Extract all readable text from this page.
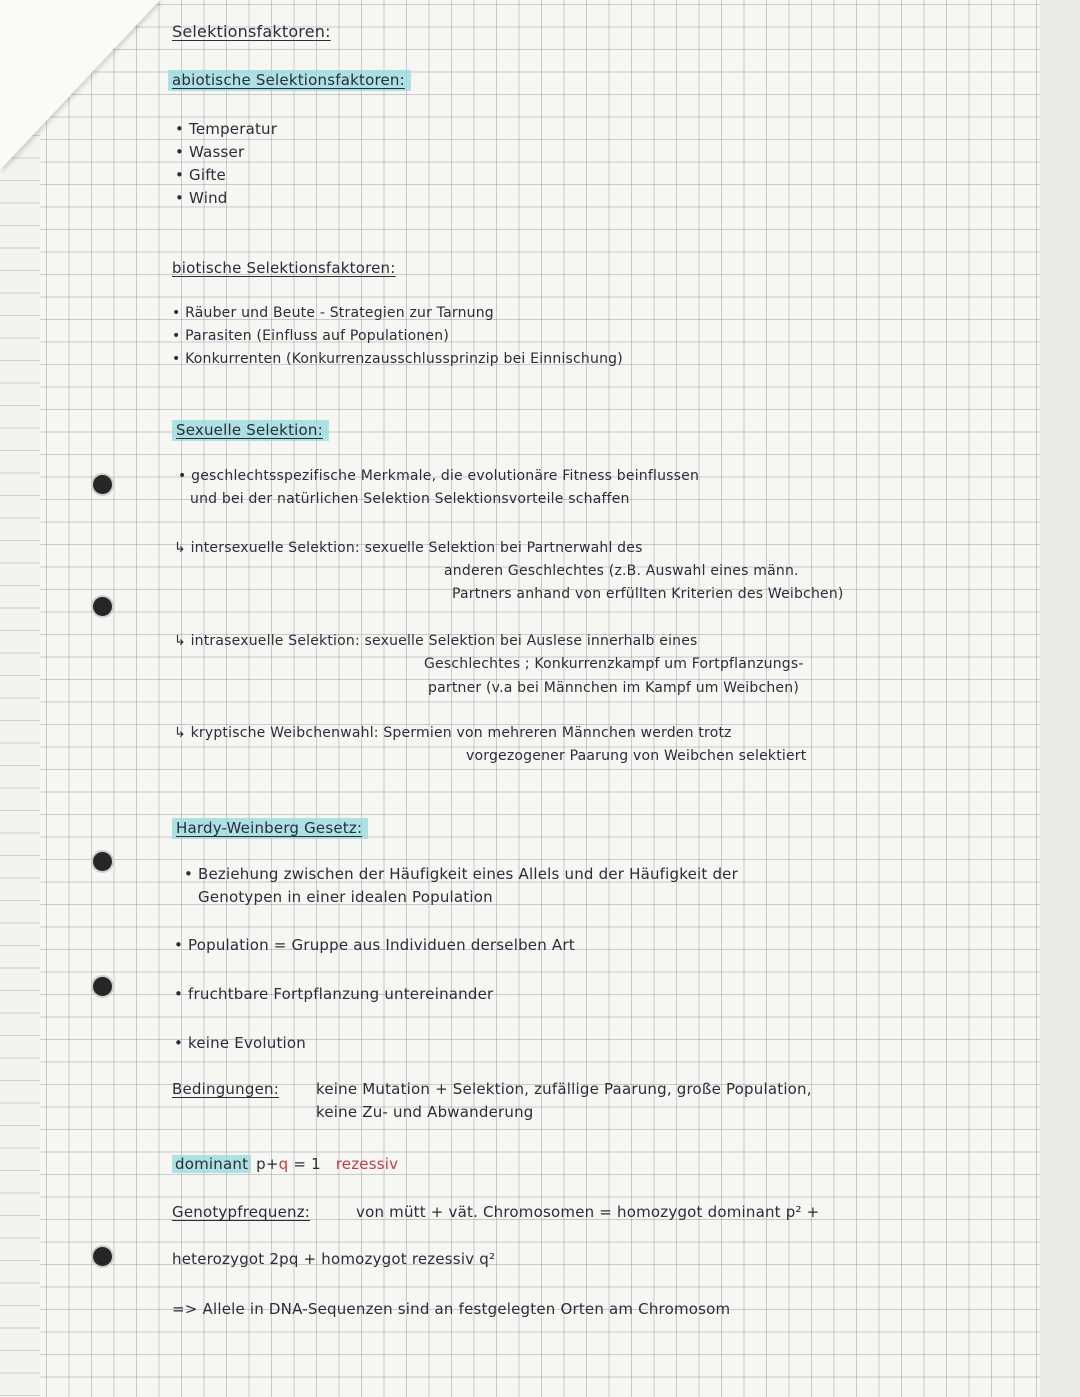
Selektionsfaktoren:
abiotische Selektionsfaktoren:
• Temperatur
• Wasser
• Gifte
• Wind
biotische Selektionsfaktoren:
• Räuber und Beute - Strategien zur Tarnung
• Parasiten (Einfluss auf Populationen)
• Konkurrenten (Konkurrenzausschlussprinzip bei Einnischung)
Sexuelle Selektion:
• geschlechtsspezifische Merkmale, die evolutionäre Fitness beinflussen
und bei der natürlichen Selektion Selektionsvorteile schaffen
↳ intersexuelle Selektion: sexuelle Selektion bei Partnerwahl des
anderen Geschlechtes (z.B. Auswahl eines männ.
Partners anhand von erfüllten Kriterien des Weibchen)
↳ intrasexuelle Selektion: sexuelle Selektion bei Auslese innerhalb eines
Geschlechtes ; Konkurrenzkampf um Fortpflanzungs-
partner (v.a bei Männchen im Kampf um Weibchen)
↳ kryptische Weibchenwahl: Spermien von mehreren Männchen werden trotz
vorgezogener Paarung von Weibchen selektiert
Hardy-Weinberg Gesetz:
• Beziehung zwischen der Häufigkeit eines Allels und der Häufigkeit der
Genotypen in einer idealen Population
• Population = Gruppe aus Individuen derselben Art
• fruchtbare Fortpflanzung untereinander
• keine Evolution
Bedingungen: keine Mutation + Selektion, zufällige Paarung, große Population,
keine Zu- und Abwanderung
dominant p+q = 1 rezessiv
Genotypfrequenz:	von mütt + vät. Chromosomen = homozygot dominant p² +
heterozygot 2pq + homozygot rezessiv q²
=> Allele in DNA-Sequenzen sind an festgelegten Orten am Chromosom
